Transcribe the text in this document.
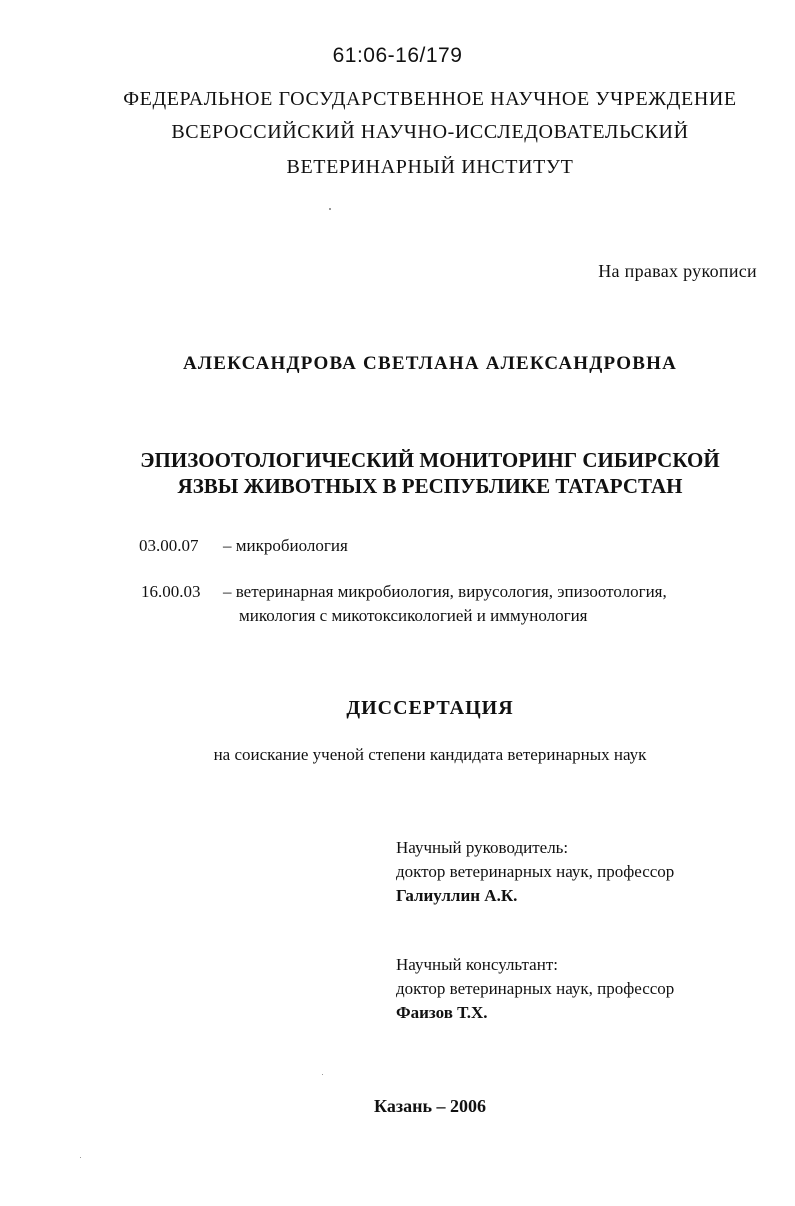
61:06-16/179
ФЕДЕРАЛЬНОЕ ГОСУДАРСТВЕННОЕ НАУЧНОЕ УЧРЕЖДЕНИЕ
ВСЕРОССИЙСКИЙ НАУЧНО-ИССЛЕДОВАТЕЛЬСКИЙ
ВЕТЕРИНАРНЫЙ ИНСТИТУТ
На правах рукописи
АЛЕКСАНДРОВА СВЕТЛАНА АЛЕКСАНДРОВНА
ЭПИЗООТОЛОГИЧЕСКИЙ МОНИТОРИНГ СИБИРСКОЙ
ЯЗВЫ ЖИВОТНЫХ В РЕСПУБЛИКЕ ТАТАРСТАН
03.00.07 – микробиология
16.00.03 – ветеринарная микробиология, вирусология, эпизоотология,
микология с микотоксикологией и иммунология
ДИССЕРТАЦИЯ
на соискание ученой степени кандидата ветеринарных наук
Научный руководитель:
доктор ветеринарных наук, профессор
Галиуллин А.К.
Научный консультант:
доктор ветеринарных наук, профессор
Фаизов Т.Х.
Казань – 2006
